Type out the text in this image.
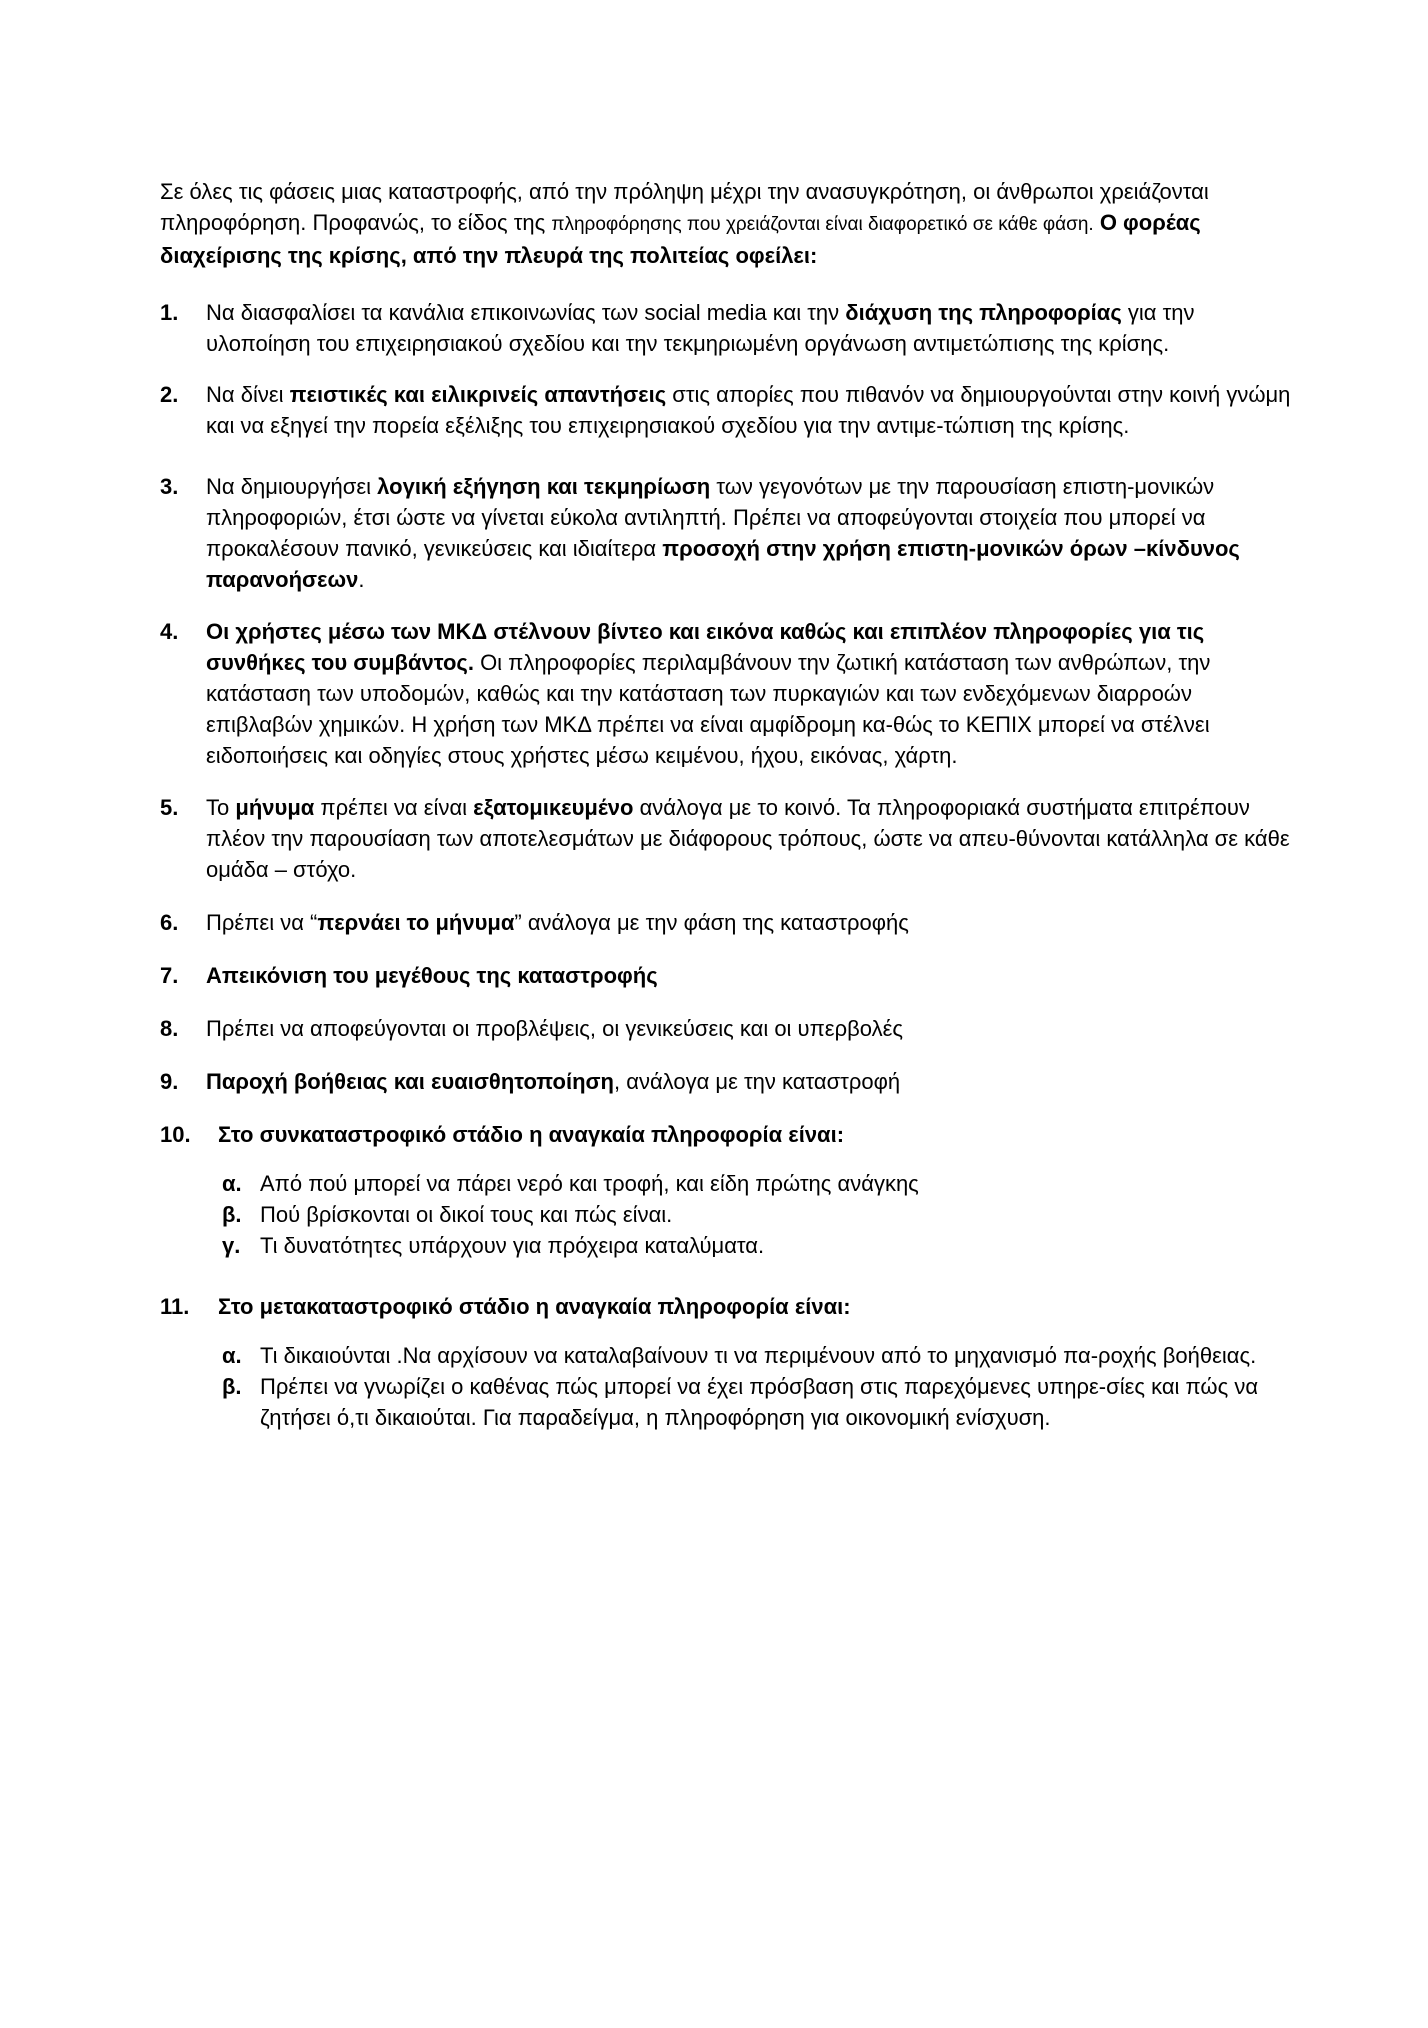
Σε όλες τις φάσεις μιας καταστροφής, από την πρόληψη μέχρι την ανασυγκρότηση, οι άνθρωποι χρειάζονται πληροφόρηση. Προφανώς, το είδος της πληροφόρησης που χρειάζονται είναι διαφορετικό σε κάθε φάση. Ο φορέας διαχείρισης της κρίσης, από την πλευρά της πολιτείας οφείλει:

1. Να διασφαλίσει τα κανάλια επικοινωνίας των social media και την διάχυση της πληροφορίας για την υλοποίηση του επιχειρησιακού σχεδίου και την τεκμηριωμένη οργάνωση αντιμετώπισης της κρίσης.
2. Να δίνει πειστικές και ειλικρινείς απαντήσεις στις απορίες που πιθανόν να δημιουργούνται στην κοινή γνώμη και να εξηγεί την πορεία εξέλιξης του επιχειρησιακού σχεδίου για την αντιμε-τώπιση της κρίσης.
3. Να δημιουργήσει λογική εξήγηση και τεκμηρίωση των γεγονότων με την παρουσίαση επιστη-μονικών πληροφοριών, έτσι ώστε να γίνεται εύκολα αντιληπτή. Πρέπει να αποφεύγονται στοιχεία που μπορεί να προκαλέσουν πανικό, γενικεύσεις και ιδιαίτερα προσοχή στην χρήση επιστη-μονικών όρων –κίνδυνος παρανοήσεων.
4. Οι χρήστες μέσω των ΜΚΔ στέλνουν βίντεο και εικόνα καθώς και επιπλέον πληροφορίες για τις συνθήκες του συμβάντος. Οι πληροφορίες περιλαμβάνουν την ζωτική κατάσταση των ανθρώπων, την κατάσταση των υποδομών, καθώς και την κατάσταση των πυρκαγιών και των ενδεχόμενων διαρροών επιβλαβών χημικών. Η χρήση των ΜΚΔ πρέπει να είναι αμφίδρομη κα-θώς το ΚΕΠΙΧ μπορεί να στέλνει ειδοποιήσεις και οδηγίες στους χρήστες μέσω κειμένου, ήχου, εικόνας, χάρτη.
5. Το μήνυμα πρέπει να είναι εξατομικευμένο ανάλογα με το κοινό. Τα πληροφοριακά συστήματα επιτρέπουν πλέον την παρουσίαση των αποτελεσμάτων με διάφορους τρόπους, ώστε να απευ-θύνονται κατάλληλα σε κάθε ομάδα – στόχο.
6. Πρέπει να “περνάει το μήνυμα” ανάλογα με την φάση της καταστροφής
7. Απεικόνιση του μεγέθους της καταστροφής
8. Πρέπει να αποφεύγονται οι προβλέψεις, οι γενικεύσεις και οι υπερβολές
9. Παροχή βοήθειας και ευαισθητοποίηση, ανάλογα με την καταστροφή
10. Στο συνκαταστροφικό στάδιο η αναγκαία πληροφορία είναι:
α. Από πού μπορεί να πάρει νερό και τροφή, και είδη πρώτης ανάγκης
β. Πού βρίσκονται οι δικοί τους και πώς είναι.
γ. Τι δυνατότητες υπάρχουν για πρόχειρα καταλύματα.
11. Στο μετακαταστροφικό στάδιο η αναγκαία πληροφορία είναι:
α. Τι δικαιούνται .Να αρχίσουν να καταλαβαίνουν τι να περιμένουν από το μηχανισμό πα-ροχής βοήθειας.
β. Πρέπει να γνωρίζει ο καθένας πώς μπορεί να έχει πρόσβαση στις παρεχόμενες υπηρε-σίες και πώς να ζητήσει ό,τι δικαιούται. Για παραδείγμα, η πληροφόρηση για οικονομική ενίσχυση.
